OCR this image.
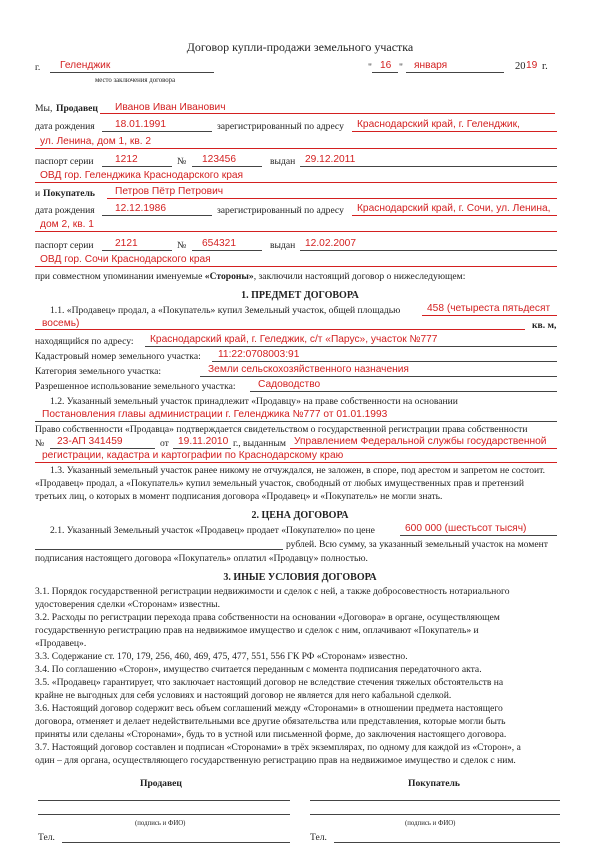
Договор купли-продажи земельного участка
г. Геленджик
место заключения договора
" 16 " января	20 19 г.
Мы, Продавец Иванов Иван Иванович
дата рождения 18.01.1991	зарегистрированный по адресу Краснодарский край, г. Геленджик,
ул. Ленина, дом 1, кв. 2
паспорт серии 1212	№ 123456	выдан 29.12.2011
ОВД гор. Геленджика Краснодарского края
и Покупатель Петров Пётр Петрович
дата рождения 12.12.1986	зарегистрированный по адресу Краснодарский край, г. Сочи, ул. Ленина,
дом 2, кв. 1
паспорт серии 2121	№ 654321	выдан 12.02.2007
ОВД гор. Сочи Краснодарского края
при совместном упоминании именуемые «Стороны», заключили настоящий договор о нижеследующем:
1. ПРЕДМЕТ ДОГОВОРА
1.1. «Продавец» продал, а «Покупатель» купил Земельный участок, общей площадью	458 (четыреста пятьдесят
восемь)	кв. м,
находящийся по адресу: Краснодарский край, г. Геледжик, с/т «Парус», участок №777
Кадастровый номер земельного участка: 11:22:0708003:91
Категория земельного участка:	Земли сельскохозяйственного назначения
Разрешенное использование земельного участка: Садоводство
1.2. Указанный земельный участок принадлежит «Продавцу» на праве собственности на основании
Постановления главы администрации г. Геленджика №777 от 01.01.1993
Право собственности «Продавца» подтверждается свидетельством о государственной регистрации права собственности
№ 23-АП 341459	от 19.11.2010 г., выданным Управлением Федеральной службы государственной
регистрации, кадастра и картографии по Краснодарскому краю
1.3. Указанный земельный участок ранее никому не отчуждался, не заложен, в споре, под арестом и запретом не состоит.
«Продавец» продал, а «Покупатель» купил земельный участок, свободный от любых имущественных прав и претензий
третьих лиц, о которых в момент подписания договора «Продавец» и «Покупатель» не могли знать.
2. ЦЕНА ДОГОВОРА
2.1. Указанный Земельный участок «Продавец» продает «Покупателю» по цене	600 000 (шестьсот тысяч)
рублей. Всю сумму, за указанный земельный участок на момент
подписания настоящего договора «Покупатель» оплатил «Продавцу» полностью.
3. ИНЫЕ УСЛОВИЯ ДОГОВОРА
3.1. Порядок государственной регистрации недвижимости и сделок с ней, а также добросовестность нотариального
удостоверения сделки «Сторонам» известны.
3.2. Расходы по регистрации перехода права собственности на основании «Договора» в органе, осуществляющем
государственную регистрацию прав на недвижимое имущество и сделок с ним, оплачивают «Покупатель» и
«Продавец».
3.3. Содержание ст. 170, 179, 256, 460, 469, 475, 477, 551, 556 ГК РФ «Сторонам» известно.
3.4. По соглашению «Сторон», имущество считается переданным с момента подписания передаточного акта.
3.5. «Продавец» гарантирует, что заключает настоящий договор не вследствие стечения тяжелых обстоятельств на
крайне не выгодных для себя условиях и настоящий договор не является для него кабальной сделкой.
3.6. Настоящий договор содержит весь объем соглашений между «Сторонами» в отношении предмета настоящего
договора, отменяет и делает недействительными все другие обязательства или представления, которые могли быть
приняты или сделаны «Сторонами», будь то в устной или письменной форме, до заключения настоящего договора.
3.7. Настоящий договор составлен и подписан «Сторонами» в трёх экземплярах, по одному для каждой из «Сторон», а
один – для органа, осуществляющего государственную регистрацию прав на недвижимое имущество и сделок с ним.
Продавец	Покупатель
(подпись и ФИО)	(подпись и ФИО)
Тел.	Тел.
